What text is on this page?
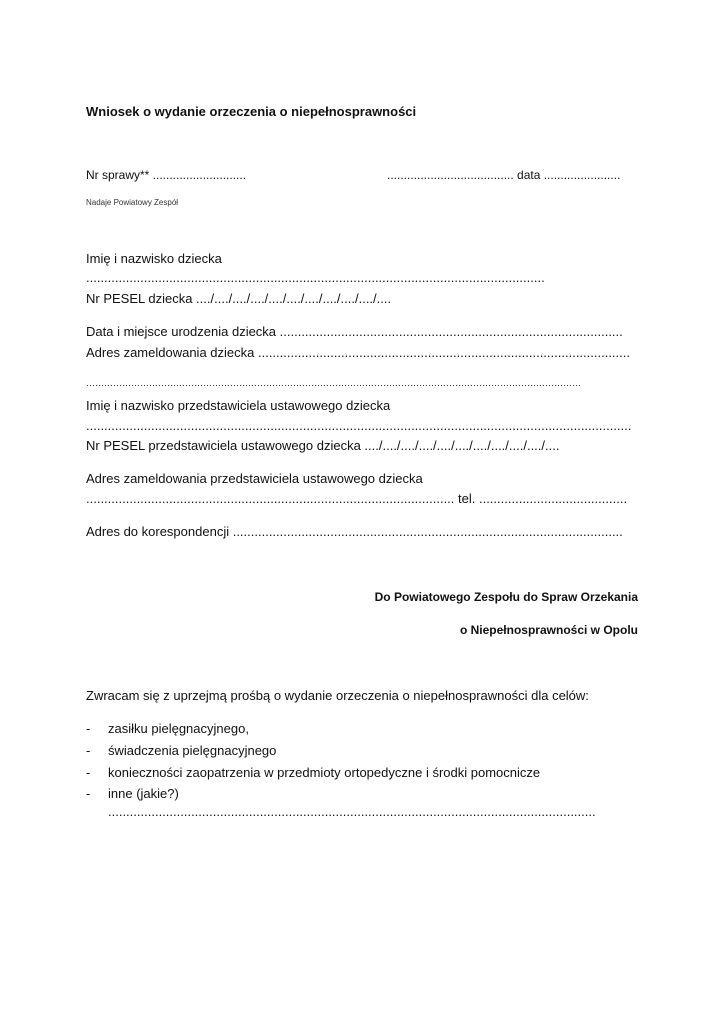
Wniosek o wydanie orzeczenia o niepełnosprawności
Nr sprawy** ............................	...................................... data .......................
Nadaje Powiatowy Zespół
Imię i nazwisko dziecka
...............................................................................................................................
Nr PESEL dziecka ..../..../..../..../..../..../..../..../..../..../....
Data i miejsce urodzenia dziecka ...............................................................................................
Adres zameldowania dziecka .......................................................................................................
…………………………………………………………………………………………………………………………………………………
Imię i nazwisko przedstawiciela ustawowego dziecka
.......................................................................................................................................................
Nr PESEL przedstawiciela ustawowego dziecka ..../..../..../..../..../..../..../..../..../..../....
Adres zameldowania przedstawiciela ustawowego dziecka
...................................................................................................... tel. .........................................
Adres do korespondencji ............................................................................................................
Do Powiatowego Zespołu do Spraw Orzekania
o Niepełnosprawności w Opolu
Zwracam się z uprzejmą prośbą o wydanie orzeczenia o niepełnosprawności dla celów:
- zasiłku pielęgnacyjnego,
- świadczenia pielęgnacyjnego
- konieczności zaopatrzenia w przedmioty ortopedyczne i środki pomocnicze
- inne (jakie?)
.......................................................................................................................................
